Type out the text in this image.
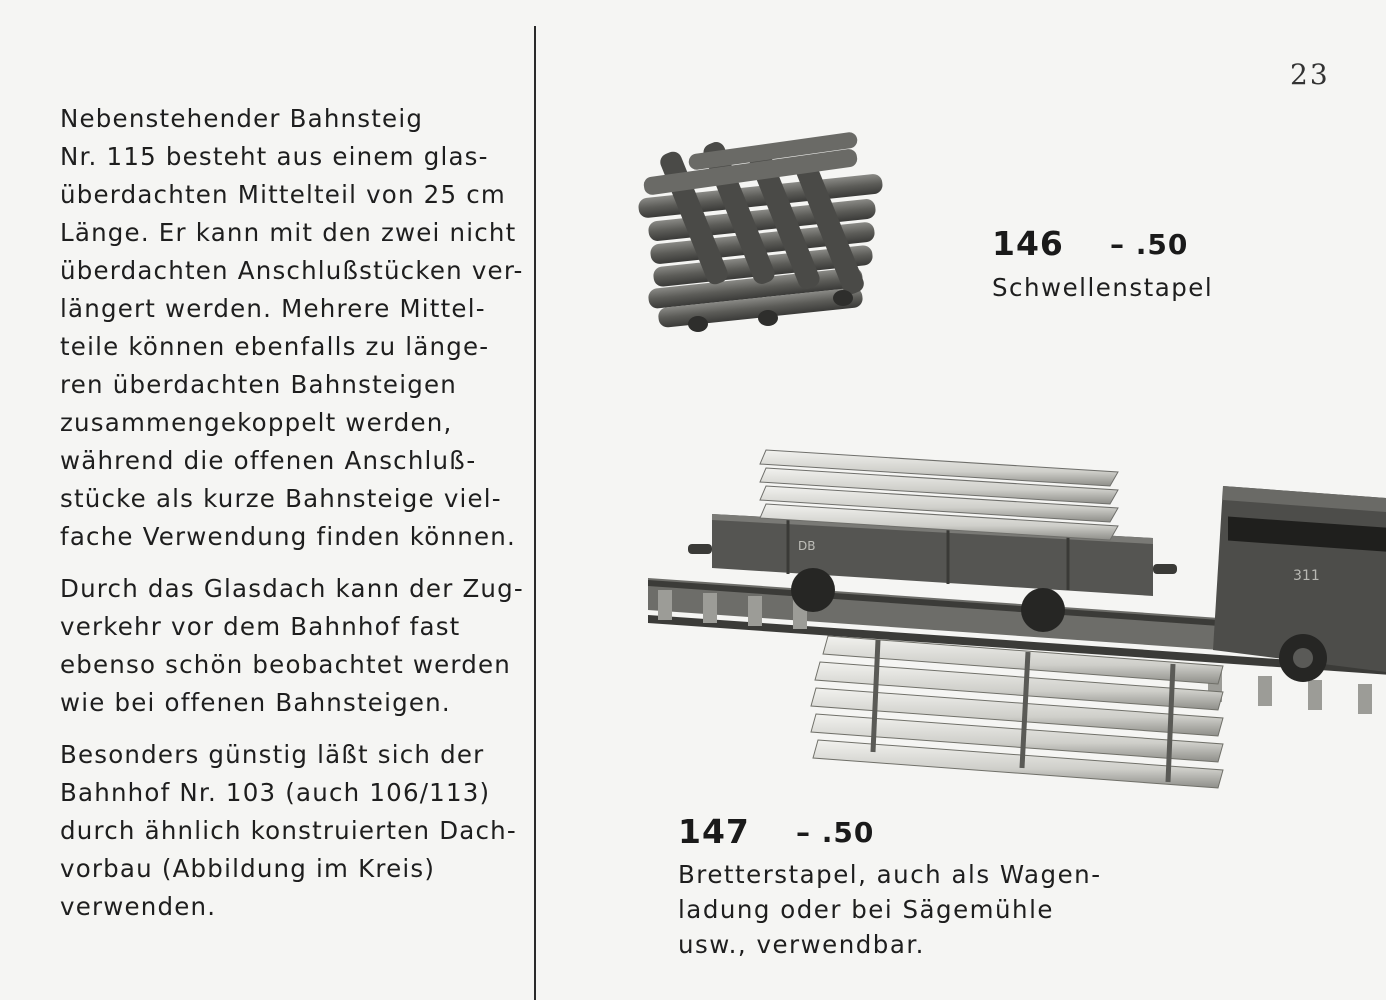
Nebenstehender Bahnsteig
Nr. 115 besteht aus einem glas-
überdachten Mittelteil von 25 cm
Länge. Er kann mit den zwei nicht
überdachten Anschlußstücken ver-
längert werden. Mehrere Mittel-
teile können ebenfalls zu länge-
ren überdachten Bahnsteigen
zusammengekoppelt werden,
während die offenen Anschluß-
stücke als kurze Bahnsteige viel-
fache Verwendung finden können.

Durch das Glasdach kann der Zug-
verkehr vor dem Bahnhof fast
ebenso schön beobachtet werden
wie bei offenen Bahnsteigen.

Besonders günstig läßt sich der
Bahnhof Nr. 103 (auch 106/113)
durch ähnlich konstruierten Dach-
vorbau (Abbildung im Kreis)
verwenden.

23
146 – .50
Schwellenstapel
DB
311
147 – .50
Bretterstapel, auch als Wagen-
ladung oder bei Sägemühle
usw., verwendbar.
